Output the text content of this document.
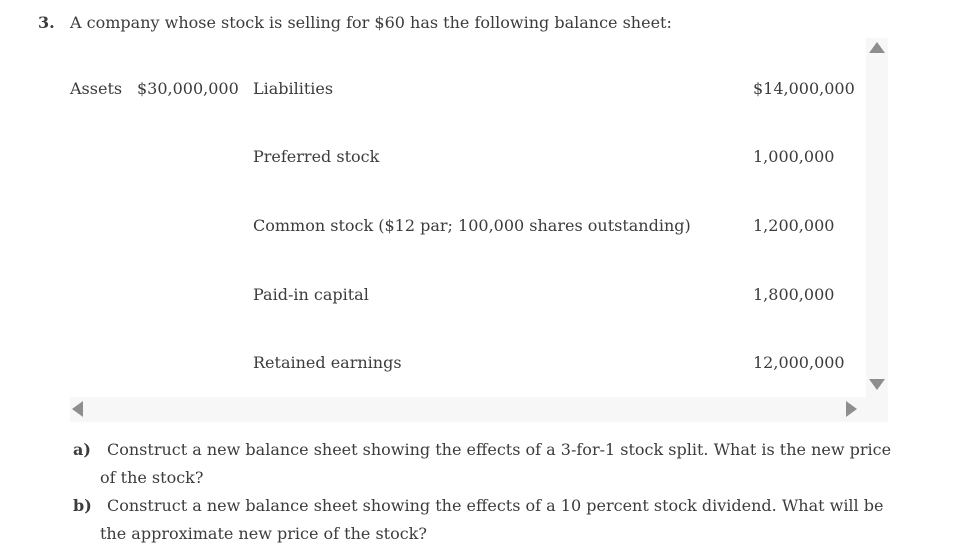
3. A company whose stock is selling for $60 has the following balance sheet:
Assets $30,000,000 Liabilities	$14,000,000
Preferred stock	1,000,000
Common stock ($12 par; 100,000 shares outstanding)	1,200,000
Paid-in capital	1,800,000
Retained earnings	12,000,000
a)	Construct a new balance sheet showing the effects of a 3-for-1 stock split. What is the new price
of the stock?
b) Construct a new balance sheet showing the effects of a 10 percent stock dividend. What will be
the approximate new price of the stock?
